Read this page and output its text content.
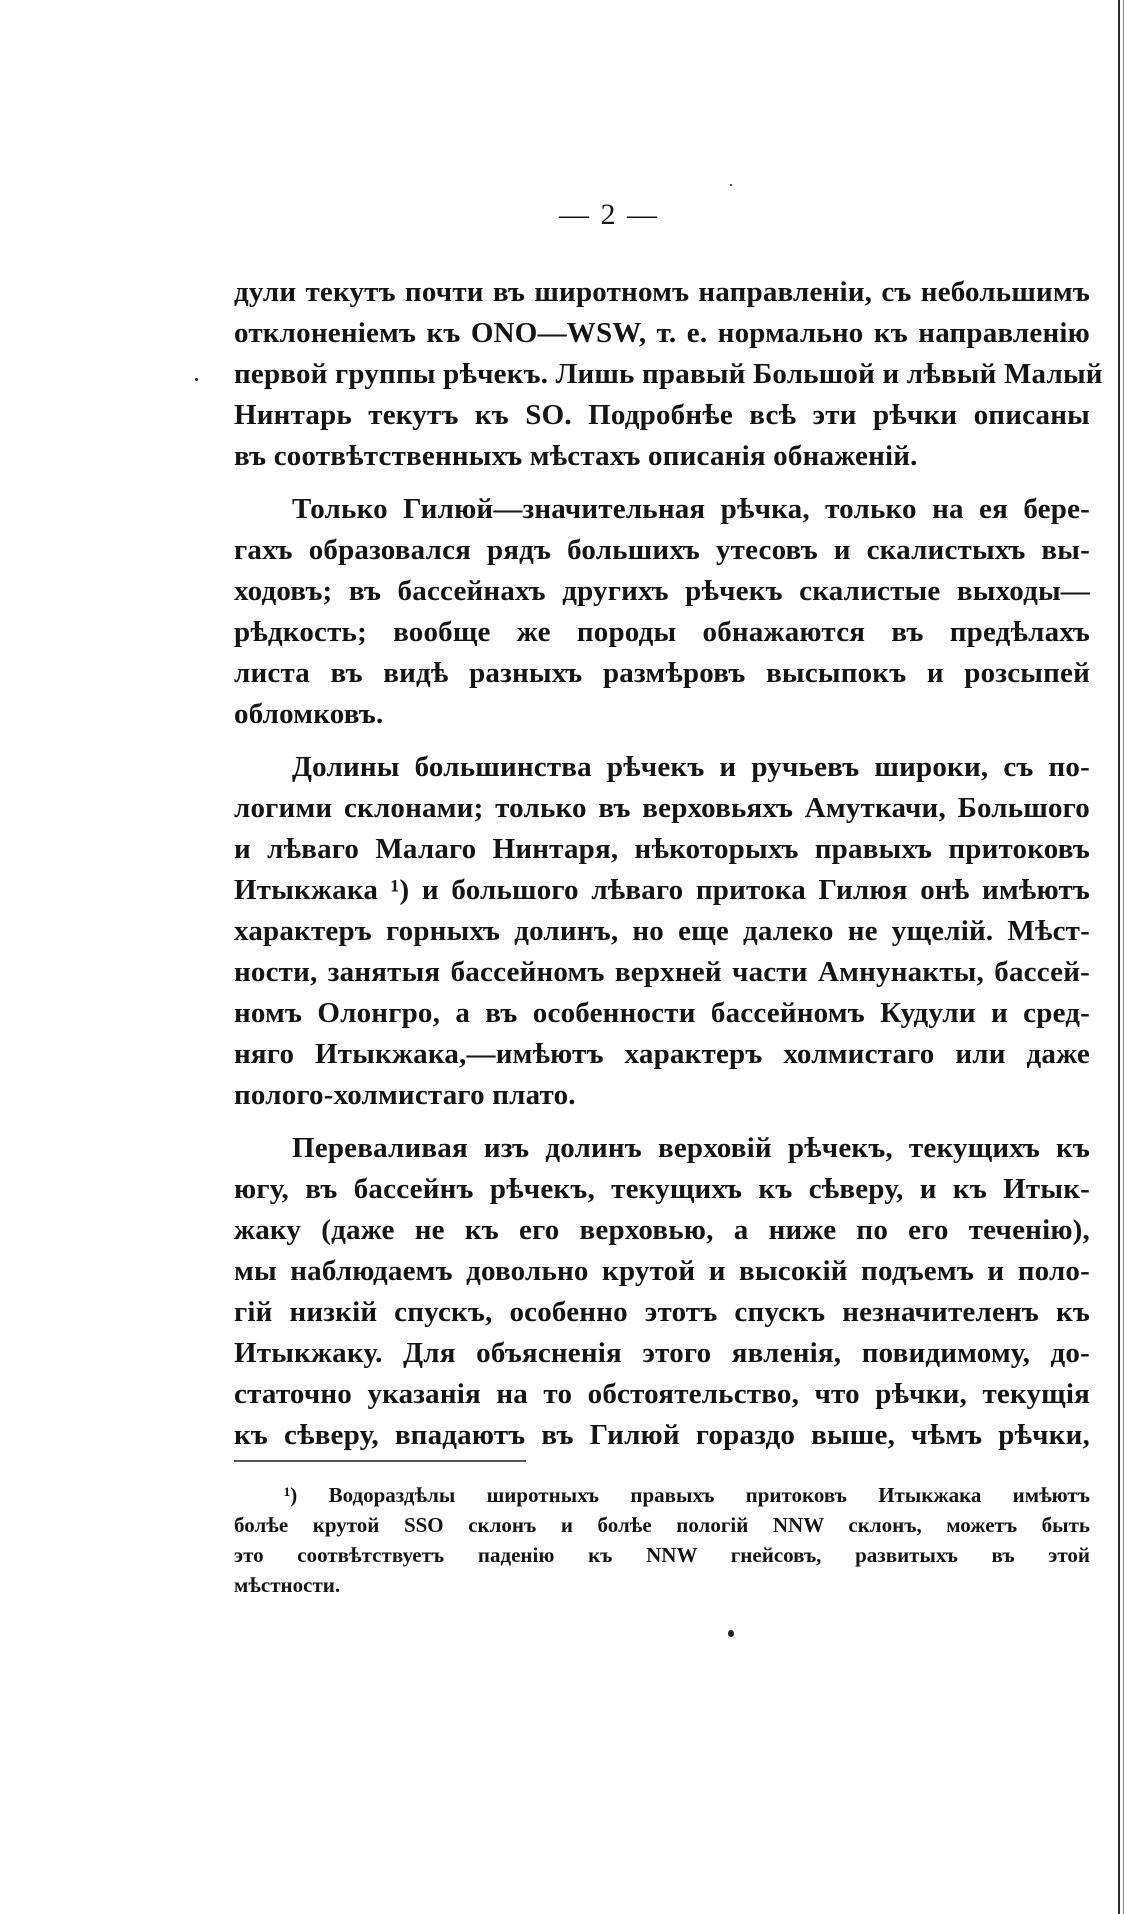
— 2 —
дули текутъ почти въ широтномъ направленіи, съ небольшимъ
отклоненіемъ къ ONO—WSW, т. е. нормально къ направленію
первой группы рѣчекъ. Лишь правый Большой и лѣвый Малый
Нинтарь текутъ къ SO. Подробнѣе всѣ эти рѣчки описаны
въ соотвѣтственныхъ мѣстахъ описанія обнаженій.
Только Гилюй—значительная рѣчка, только на ея бере-
гахъ образовался рядъ большихъ утесовъ и скалистыхъ вы-
ходовъ; въ бассейнахъ другихъ рѣчекъ скалистые выходы—
рѣдкость; вообще же породы обнажаются въ предѣлахъ
листа въ видѣ разныхъ размѣровъ высыпокъ и розсыпей
обломковъ.
Долины большинства рѣчекъ и ручьевъ широки, съ по-
логими склонами; только въ верховьяхъ Амуткачи, Большого
и лѣваго Малаго Нинтаря, нѣкоторыхъ правыхъ притоковъ
Итыкжака ¹) и большого лѣваго притока Гилюя онѣ имѣютъ
характеръ горныхъ долинъ, но еще далеко не ущелій. Мѣст-
ности, занятыя бассейномъ верхней части Амнунакты, бассей-
номъ Олонгро, а въ особенности бассейномъ Кудули и сред-
няго Итыкжака,—имѣютъ характеръ холмистаго или даже
полого-холмистаго плато.
Переваливая изъ долинъ верховій рѣчекъ, текущихъ къ
югу, въ бассейнъ рѣчекъ, текущихъ къ сѣверу, и къ Итык-
жаку (даже не къ его верховью, а ниже по его теченію),
мы наблюдаемъ довольно крутой и высокій подъемъ и поло-
гій низкій спускъ, особенно этотъ спускъ незначителенъ къ
Итыкжаку. Для объясненія этого явленія, повидимому, до-
статочно указанія на то обстоятельство, что рѣчки, текущія
къ сѣверу, впадаютъ въ Гилюй гораздо выше, чѣмъ рѣчки,
¹) Водораздѣлы широтныхъ правыхъ притоковъ Итыкжака имѣютъ
болѣе крутой SSO склонъ и болѣе пологій NNW склонъ, можетъ быть
это соотвѣтствуетъ паденію къ NNW гнейсовъ, развитыхъ въ этой
мѣстности.
